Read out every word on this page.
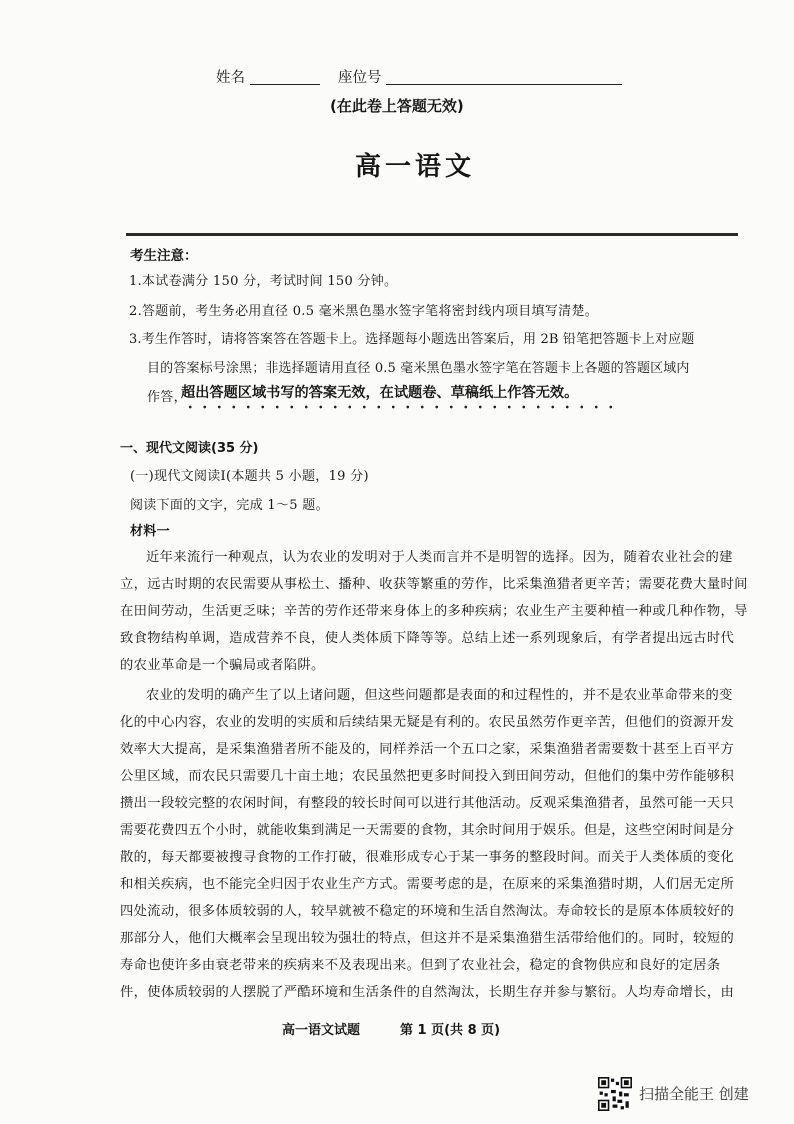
姓名	座位号
(在此卷上答题无效)
高一语文
考生注意：
1.本试卷满分 150 分，考试时间 150 分钟。
2.答题前，考生务必用直径 0.5 毫米黑色墨水签字笔将密封线内项目填写清楚。
3.考生作答时，请将答案答在答题卡上。选择题每小题选出答案后，用 2B 铅笔把答题卡上对应题
目的答案标号涂黑；非选择题请用直径 0.5 毫米黑色墨水签字笔在答题卡上各题的答题区域内
作答，
超出答题区域书写的答案无效，在试题卷、草稿纸上作答无效。
一、现代文阅读(35 分)
(一)现代文阅读Ⅰ(本题共 5 小题，19 分)
阅读下面的文字，完成 1～5 题。
材料一
近年来流行一种观点，认为农业的发明对于人类而言并不是明智的选择。因为，随着农业社会的建
立，远古时期的农民需要从事松土、播种、收获等繁重的劳作，比采集渔猎者更辛苦；需要花费大量时间
在田间劳动，生活更乏味；辛苦的劳作还带来身体上的多种疾病；农业生产主要种植一种或几种作物，导
致食物结构单调，造成营养不良，使人类体质下降等等。总结上述一系列现象后，有学者提出远古时代
的农业革命是一个骗局或者陷阱。
农业的发明的确产生了以上诸问题，但这些问题都是表面的和过程性的，并不是农业革命带来的变
化的中心内容，农业的发明的实质和后续结果无疑是有利的。农民虽然劳作更辛苦，但他们的资源开发
效率大大提高，是采集渔猎者所不能及的，同样养活一个五口之家，采集渔猎者需要数十甚至上百平方
公里区域，而农民只需要几十亩土地；农民虽然把更多时间投入到田间劳动，但他们的集中劳作能够积
攒出一段较完整的农闲时间，有整段的较长时间可以进行其他活动。反观采集渔猎者，虽然可能一天只
需要花费四五个小时，就能收集到满足一天需要的食物，其余时间用于娱乐。但是，这些空闲时间是分
散的，每天都要被搜寻食物的工作打破，很难形成专心于某一事务的整段时间。而关于人类体质的变化
和相关疾病，也不能完全归因于农业生产方式。需要考虑的是，在原来的采集渔猎时期，人们居无定所
四处流动，很多体质较弱的人，较早就被不稳定的环境和生活自然淘汰。寿命较长的是原本体质较好的
那部分人，他们大概率会呈现出较为强壮的特点，但这并不是采集渔猎生活带给他们的。同时，较短的
寿命也使许多由衰老带来的疾病来不及表现出来。但到了农业社会，稳定的食物供应和良好的定居条
件，使体质较弱的人摆脱了严酷环境和生活条件的自然淘汰，长期生存并参与繁衍。人均寿命增长，由
高一语文试题	第 1 页(共 8 页)
扫描全能王 创建
